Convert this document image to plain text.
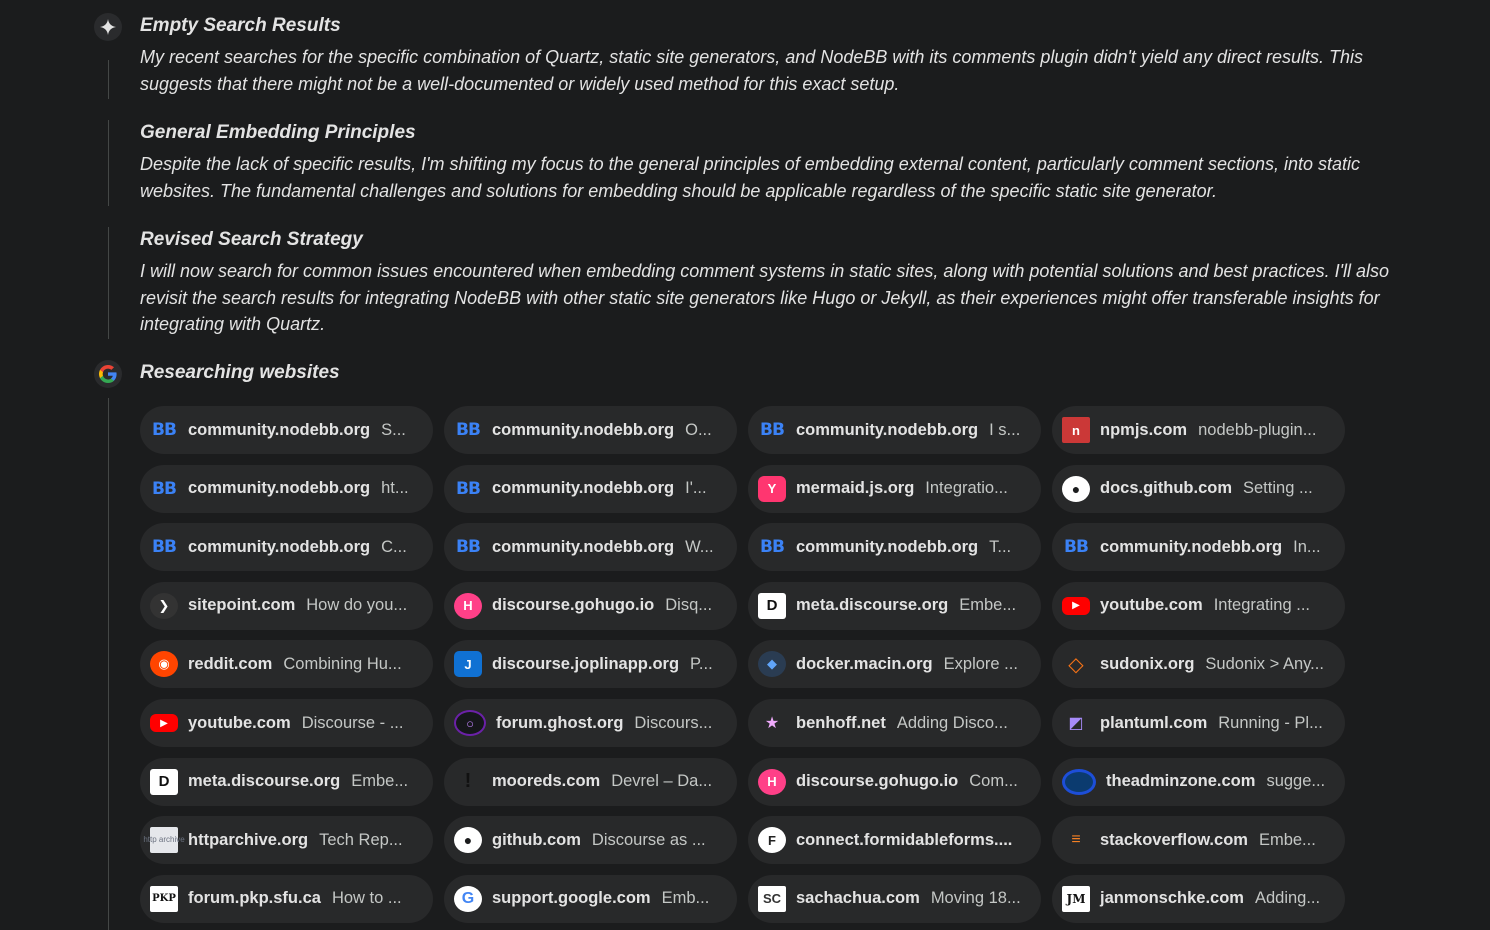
Empty Search Results
My recent searches for the specific combination of Quartz, static site generators, and NodeBB with its comments plugin didn't yield any direct results. This suggests that there might not be a well-documented or widely used method for this exact setup.
General Embedding Principles
Despite the lack of specific results, I'm shifting my focus to the general principles of embedding external content, particularly comment sections, into static websites. The fundamental challenges and solutions for embedding should be applicable regardless of the specific static site generator.
Revised Search Strategy
I will now search for common issues encountered when embedding comment systems in static sites, along with potential solutions and best practices. I'll also revisit the search results for integrating NodeBB with other static site generators like Hugo or Jekyll, as their experiences might offer transferable insights for integrating with Quartz.
Researching websites
BB community.nodebb.org S...	BB community.nodebb.org O...	BB community.nodebb.org I s...	n	npmjs.com nodebb-plugin...
BB community.nodebb.org ht...	BB community.nodebb.org I'...	Y	mermaid.js.org Integratio...	●	docs.github.com Setting ...
BB community.nodebb.org C...	BB community.nodebb.org W...	BB community.nodebb.org T...	BB community.nodebb.org In...
❯	sitepoint.com How do you...	H	discourse.gohugo.io Disq...	D	meta.discourse.org Embe...	▶	youtube.com Integrating ...
◉	reddit.com Combining Hu...	J	discourse.joplinapp.org P...	◆	docker.macin.org Explore ...	◇ sudonix.org Sudonix > Any...
▶	youtube.com Discourse - ...	○	forum.ghost.org Discours...	★	benhoff.net Adding Disco...	◩ plantuml.com Running - Pl...
D	meta.discourse.org Embe...	!	mooreds.com Devrel – Da...	H	discourse.gohugo.io Com...	theadminzone.com sugge...
http archive httparchive.org Tech Rep...	●	github.com Discourse as ...	F	connect.formidableforms....	≡	stackoverflow.com Embe...
PKP forum.pkp.sfu.ca How to ...	G	support.google.com Emb...	SC sachachua.com Moving 18...	JM janmonschke.com Adding...
